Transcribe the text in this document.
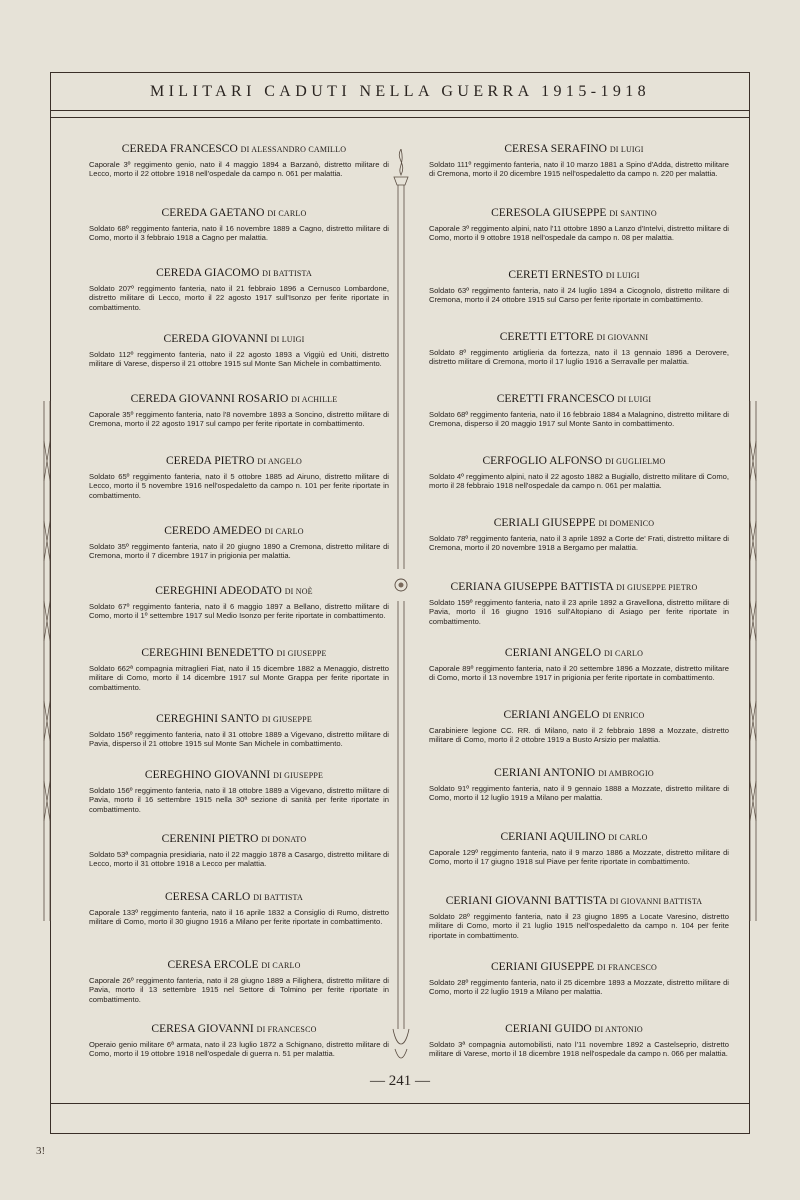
MILITARI CADUTI NELLA GUERRA 1915-1918
CEREDA FRANCESCO DI ALESSANDRO CAMILLO
Caporale 3º reggimento genio, nato il 4 maggio 1894 a Barzanò, distretto militare di Lecco, morto il 22 ottobre 1918 nell'ospedale da campo n. 061 per malattia.
CEREDA GAETANO DI CARLO
Soldato 68º reggimento fanteria, nato il 16 novembre 1889 a Cagno, distretto militare di Como, morto il 3 febbraio 1918 a Cagno per malattia.
CEREDA GIACOMO DI BATTISTA
Soldato 207º reggimento fanteria, nato il 21 febbraio 1896 a Cernusco Lombardone, distretto militare di Lecco, morto il 22 agosto 1917 sull'Isonzo per ferite riportate in combattimento.
CEREDA GIOVANNI DI LUIGI
Soldato 112º reggimento fanteria, nato il 22 agosto 1893 a Viggiù ed Uniti, distretto militare di Varese, disperso il 21 ottobre 1915 sul Monte San Michele in combattimento.
CEREDA GIOVANNI ROSARIO DI ACHILLE
Caporale 35º reggimento fanteria, nato l'8 novembre 1893 a Soncino, distretto militare di Cremona, morto il 22 agosto 1917 sul campo per ferite riportate in combattimento.
CEREDA PIETRO DI ANGELO
Soldato 65º reggimento fanteria, nato il 5 ottobre 1885 ad Airuno, distretto militare di Lecco, morto il 5 novembre 1916 nell'ospedaletto da campo n. 101 per ferite riportate in combattimento.
CEREDO AMEDEO DI CARLO
Soldato 35º reggimento fanteria, nato il 20 giugno 1890 a Cremona, distretto militare di Cremona, morto il 7 dicembre 1917 in prigionia per malattia.
CEREGHINI ADEODATO DI NOÈ
Soldato 67º reggimento fanteria, nato il 6 maggio 1897 a Bellano, distretto militare di Como, morto il 1º settembre 1917 sul Medio Isonzo per ferite riportate in combattimento.
CEREGHINI BENEDETTO DI GIUSEPPE
Soldato 662ª compagnia mitraglieri Fiat, nato il 15 dicembre 1882 a Menaggio, distretto militare di Como, morto il 14 dicembre 1917 sul Monte Grappa per ferite riportate in combattimento.
CEREGHINI SANTO DI GIUSEPPE
Soldato 156º reggimento fanteria, nato il 31 ottobre 1889 a Vigevano, distretto militare di Pavia, disperso il 21 ottobre 1915 sul Monte San Michele in combattimento.
CEREGHINO GIOVANNI DI GIUSEPPE
Soldato 156º reggimento fanteria, nato il 18 ottobre 1889 a Vigevano, distretto militare di Pavia, morto il 16 settembre 1915 nella 30ª sezione di sanità per ferite riportate in combattimento.
CERENINI PIETRO DI DONATO
Soldato 53ª compagnia presidiaria, nato il 22 maggio 1878 a Casargo, distretto militare di Lecco, morto il 31 ottobre 1918 a Lecco per malattia.
CERESA CARLO DI BATTISTA
Caporale 133º reggimento fanteria, nato il 16 aprile 1832 a Consiglio di Rumo, distretto militare di Como, morto il 30 giugno 1916 a Milano per ferite riportate in combattimento.
CERESA ERCOLE DI CARLO
Caporale 26º reggimento fanteria, nato il 28 giugno 1889 a Filighera, distretto militare di Pavia, morto il 13 settembre 1915 nel Settore di Tolmino per ferite riportate in combattimento.
CERESA GIOVANNI DI FRANCESCO
Operaio genio militare 6ª armata, nato il 23 luglio 1872 a Schignano, distretto militare di Como, morto il 19 ottobre 1918 nell'ospedale di guerra n. 51 per malattia.
CERESA SERAFINO DI LUIGI
Soldato 111º reggimento fanteria, nato il 10 marzo 1881 a Spino d'Adda, distretto militare di Cremona, morto il 20 dicembre 1915 nell'ospedaletto da campo n. 220 per malattia.
CERESOLA GIUSEPPE DI SANTINO
Caporale 3º reggimento alpini, nato l'11 ottobre 1890 a Lanzo d'Intelvi, distretto militare di Como, morto il 9 ottobre 1918 nell'ospedale da campo n. 08 per malattia.
CERETI ERNESTO DI LUIGI
Soldato 63º reggimento fanteria, nato il 24 luglio 1894 a Cicognolo, distretto militare di Cremona, morto il 24 ottobre 1915 sul Carso per ferite riportate in combattimento.
CERETTI ETTORE DI GIOVANNI
Soldato 8º reggimento artiglieria da fortezza, nato il 13 gennaio 1896 a Derovere, distretto militare di Cremona, morto il 17 luglio 1916 a Serravalle per malattia.
CERETTI FRANCESCO DI LUIGI
Soldato 68º reggimento fanteria, nato il 16 febbraio 1884 a Malagnino, distretto militare di Cremona, disperso il 20 maggio 1917 sul Monte Santo in combattimento.
CERFOGLIO ALFONSO DI GUGLIELMO
Soldato 4º reggimento alpini, nato il 22 agosto 1882 a Bugiallo, distretto militare di Como, morto il 28 febbraio 1918 nell'ospedale da campo n. 061 per malattia.
CERIALI GIUSEPPE DI DOMENICO
Soldato 78º reggimento fanteria, nato il 3 aprile 1892 a Corte de' Frati, distretto militare di Cremona, morto il 20 novembre 1918 a Bergamo per malattia.
CERIANA GIUSEPPE BATTISTA DI GIUSEPPE PIETRO
Soldato 159º reggimento fanteria, nato il 23 aprile 1892 a Gravellona, distretto militare di Pavia, morto il 16 giugno 1916 sull'Altopiano di Asiago per ferite riportate in combattimento.
CERIANI ANGELO DI CARLO
Caporale 89º reggimento fanteria, nato il 20 settembre 1896 a Mozzate, distretto militare di Como, morto il 13 novembre 1917 in prigionia per ferite riportate in combattimento.
CERIANI ANGELO DI ENRICO
Carabiniere legione CC. RR. di Milano, nato il 2 febbraio 1898 a Mozzate, distretto militare di Como, morto il 2 ottobre 1919 a Busto Arsizio per malattia.
CERIANI ANTONIO DI AMBROGIO
Soldato 91º reggimento fanteria, nato il 9 gennaio 1888 a Mozzate, distretto militare di Como, morto il 12 luglio 1919 a Milano per malattia.
CERIANI AQUILINO DI CARLO
Caporale 129º reggimento fanteria, nato il 9 marzo 1886 a Mozzate, distretto militare di Como, morto il 17 giugno 1918 sul Piave per ferite riportate in combattimento.
CERIANI GIOVANNI BATTISTA DI GIOVANNI BATTISTA
Soldato 28º reggimento fanteria, nato il 23 giugno 1895 a Locate Varesino, distretto militare di Como, morto il 21 luglio 1915 nell'ospedaletto da campo n. 104 per ferite riportate in combattimento.
CERIANI GIUSEPPE DI FRANCESCO
Soldato 28º reggimento fanteria, nato il 25 dicembre 1893 a Mozzate, distretto militare di Como, morto il 22 luglio 1919 a Milano per malattia.
CERIANI GUIDO DI ANTONIO
Soldato 3ª compagnia automobilisti, nato l'11 novembre 1892 a Castelseprio, distretto militare di Varese, morto il 18 dicembre 1918 nell'ospedale da campo n. 066 per malattia.
— 241 —
3!
